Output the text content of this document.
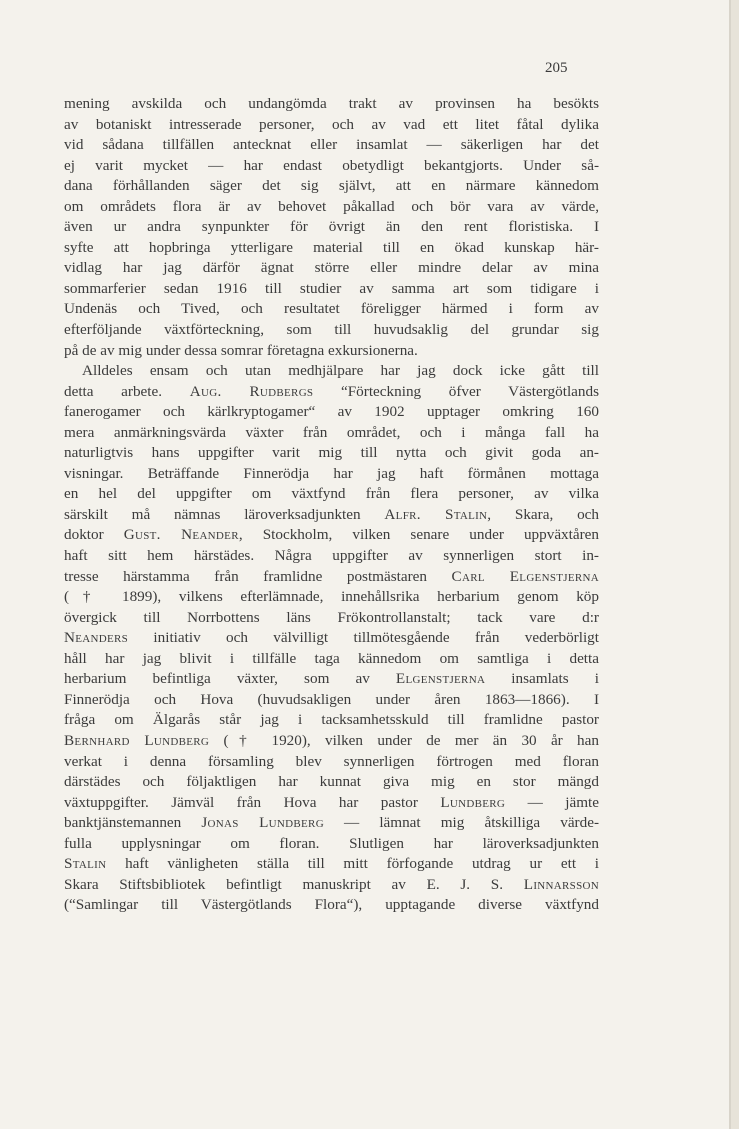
205
mening avskilda och undangömda trakt av provinsen ha besökts
av botaniskt intresserade personer, och av vad ett litet fåtal dylika
vid sådana tillfällen antecknat eller insamlat — säkerligen har det
ej varit mycket — har endast obetydligt bekantgjorts. Under så-
dana förhållanden säger det sig självt, att en närmare kännedom
om områdets flora är av behovet påkallad och bör vara av värde,
även ur andra synpunkter för övrigt än den rent floristiska. I
syfte att hopbringa ytterligare material till en ökad kunskap här-
vidlag har jag därför ägnat större eller mindre delar av mina
sommarferier sedan 1916 till studier av samma art som tidigare i
Undenäs och Tived, och resultatet föreligger härmed i form av
efterföljande växtförteckning, som till huvudsaklig del grundar sig
på de av mig under dessa somrar företagna exkursionerna.
Alldeles ensam och utan medhjälpare har jag dock icke gått till
detta arbete. Aug. Rudbergs “Förteckning öfver Västergötlands
fanerogamer och kärlkryptogamer“ av 1902 upptager omkring 160
mera anmärkningsvärda växter från området, och i många fall ha
naturligtvis hans uppgifter varit mig till nytta och givit goda an-
visningar. Beträffande Finnerödja har jag haft förmånen mottaga
en hel del uppgifter om växtfynd från flera personer, av vilka
särskilt må nämnas läroverksadjunkten Alfr. Stalin, Skara, och
doktor Gust. Neander, Stockholm, vilken senare under uppväxtåren
haft sitt hem härstädes. Några uppgifter av synnerligen stort in-
tresse härstamma från framlidne postmästaren Carl Elgenstjerna
(† 1899), vilkens efterlämnade, innehållsrika herbarium genom köp
övergick till Norrbottens läns Frökontrollanstalt; tack vare d:r
Neanders initiativ och välvilligt tillmötesgående från vederbörligt
håll har jag blivit i tillfälle taga kännedom om samtliga i detta
herbarium befintliga växter, som av Elgenstjerna insamlats i
Finnerödja och Hova (huvudsakligen under åren 1863—1866). I
fråga om Älgarås står jag i tacksamhetsskuld till framlidne pastor
Bernhard Lundberg († 1920), vilken under de mer än 30 år han
verkat i denna församling blev synnerligen förtrogen med floran
därstädes och följaktligen har kunnat giva mig en stor mängd
växtuppgifter. Jämväl från Hova har pastor Lundberg — jämte
banktjänstemannen Jonas Lundberg — lämnat mig åtskilliga värde-
fulla upplysningar om floran. Slutligen har läroverksadjunkten
Stalin haft vänligheten ställa till mitt förfogande utdrag ur ett i
Skara Stiftsbibliotek befintligt manuskript av E. J. S. Linnarsson
(“Samlingar till Västergötlands Flora“), upptagande diverse växtfynd
